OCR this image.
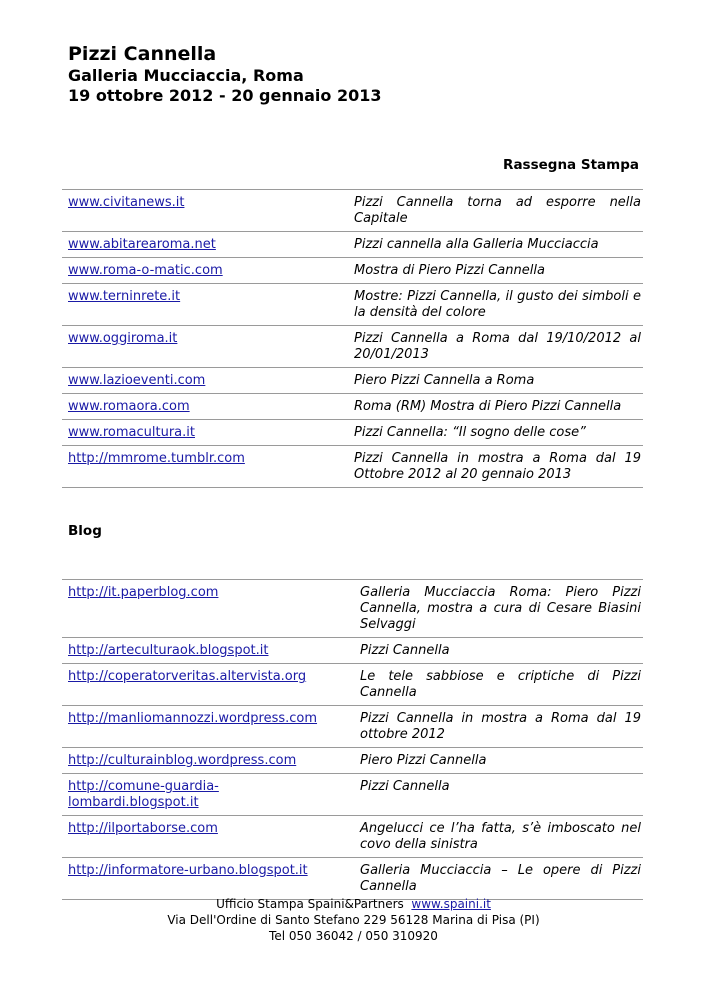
Pizzi Cannella
Galleria Mucciaccia, Roma
19 ottobre 2012 - 20 gennaio 2013
Rassegna Stampa
www.civitanews.it	Pizzi Cannella torna ad esporre nella Capitale
www.abitarearoma.net	Pizzi cannella alla Galleria Mucciaccia
www.roma-o-matic.com	Mostra di Piero Pizzi Cannella
www.terninrete.it	Mostre: Pizzi Cannella, il gusto dei simboli e la densità del colore
www.oggiroma.it	Pizzi Cannella a Roma dal 19/10/2012 al 20/01/2013
www.lazioeventi.com	Piero Pizzi Cannella a Roma
www.romaora.com	Roma (RM) Mostra di Piero Pizzi Cannella
www.romacultura.it	Pizzi Cannella: “Il sogno delle cose”
http://mmrome.tumblr.com	Pizzi Cannella in mostra a Roma dal 19 Ottobre 2012 al 20 gennaio 2013
Blog
http://it.paperblog.com	Galleria Mucciaccia Roma: Piero Pizzi Cannella, mostra a cura di Cesare Biasini Selvaggi
http://arteculturaok.blogspot.it	Pizzi Cannella
http://coperatorveritas.altervista.org	Le tele sabbiose e criptiche di Pizzi Cannella
http://manliomannozzi.wordpress.com	Pizzi Cannella in mostra a Roma dal 19 ottobre 2012
http://culturainblog.wordpress.com	Piero Pizzi Cannella
http://comune-guardia-lombardi.blogspot.it	Pizzi Cannella
http://ilportaborse.com	Angelucci ce l’ha fatta, s’è imboscato nel covo della sinistra
http://informatore-urbano.blogspot.it	Galleria Mucciaccia – Le opere di Pizzi Cannella
Ufficio Stampa Spaini&Partners www.spaini.it
Via Dell'Ordine di Santo Stefano 229 56128 Marina di Pisa (PI)
Tel 050 36042 / 050 310920
